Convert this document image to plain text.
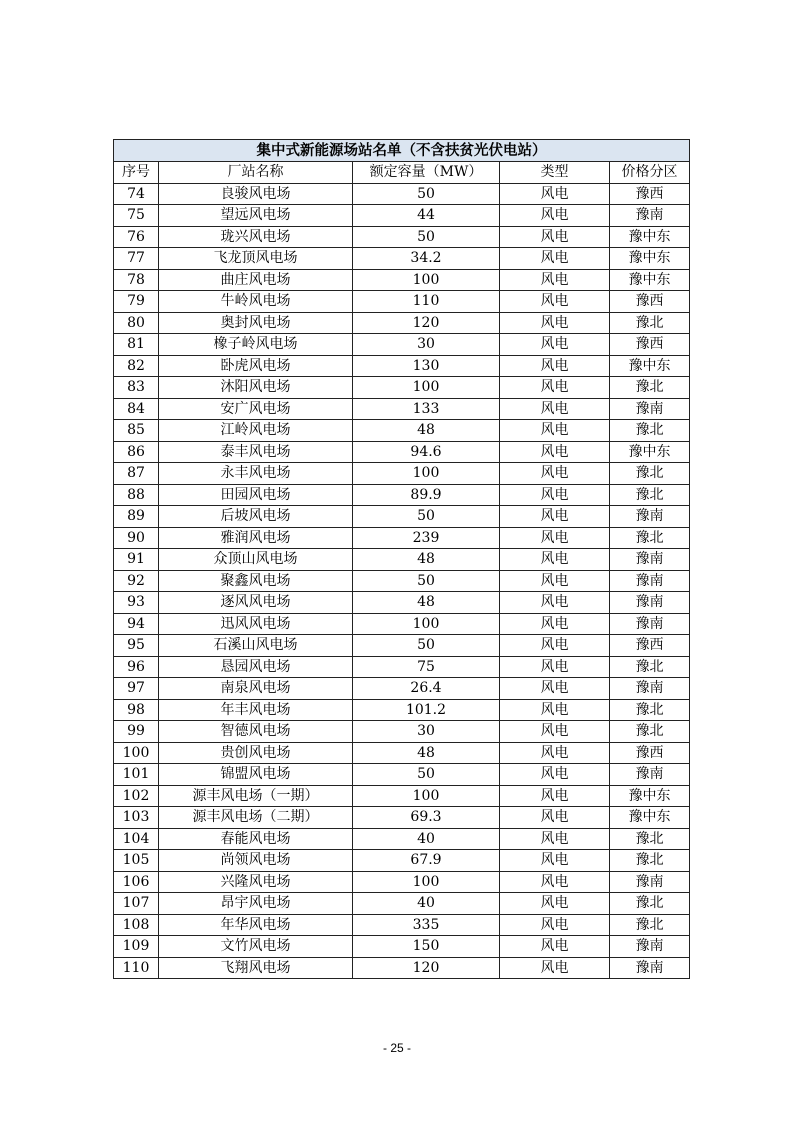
集中式新能源场站名单（不含扶贫光伏电站）				
序号	厂站名称	额定容量（MW）	类型	价格分区
74	良骏风电场	50	风电	豫西
75	望远风电场	44	风电	豫南
76	珑兴风电场	50	风电	豫中东
77	飞龙顶风电场	34.2	风电	豫中东
78	曲庄风电场	100	风电	豫中东
79	牛岭风电场	110	风电	豫西
80	奥封风电场	120	风电	豫北
81	橡子岭风电场	30	风电	豫西
82	卧虎风电场	130	风电	豫中东
83	沐阳风电场	100	风电	豫北
84	安广风电场	133	风电	豫南
85	江岭风电场	48	风电	豫北
86	泰丰风电场	94.6	风电	豫中东
87	永丰风电场	100	风电	豫北
88	田园风电场	89.9	风电	豫北
89	后坡风电场	50	风电	豫南
90	雅润风电场	239	风电	豫北
91	众顶山风电场	48	风电	豫南
92	聚鑫风电场	50	风电	豫南
93	逐风风电场	48	风电	豫南
94	迅风风电场	100	风电	豫南
95	石溪山风电场	50	风电	豫西
96	恳园风电场	75	风电	豫北
97	南泉风电场	26.4	风电	豫南
98	年丰风电场	101.2	风电	豫北
99	智德风电场	30	风电	豫北
100	贵创风电场	48	风电	豫西
101	锦盟风电场	50	风电	豫南
102	源丰风电场（一期）	100	风电	豫中东
103	源丰风电场（二期）	69.3	风电	豫中东
104	春能风电场	40	风电	豫北
105	尚领风电场	67.9	风电	豫北
106	兴隆风电场	100	风电	豫南
107	昂宇风电场	40	风电	豫北
108	年华风电场	335	风电	豫北
109	文竹风电场	150	风电	豫南
110	飞翔风电场	120	风电	豫南
- 25 -
